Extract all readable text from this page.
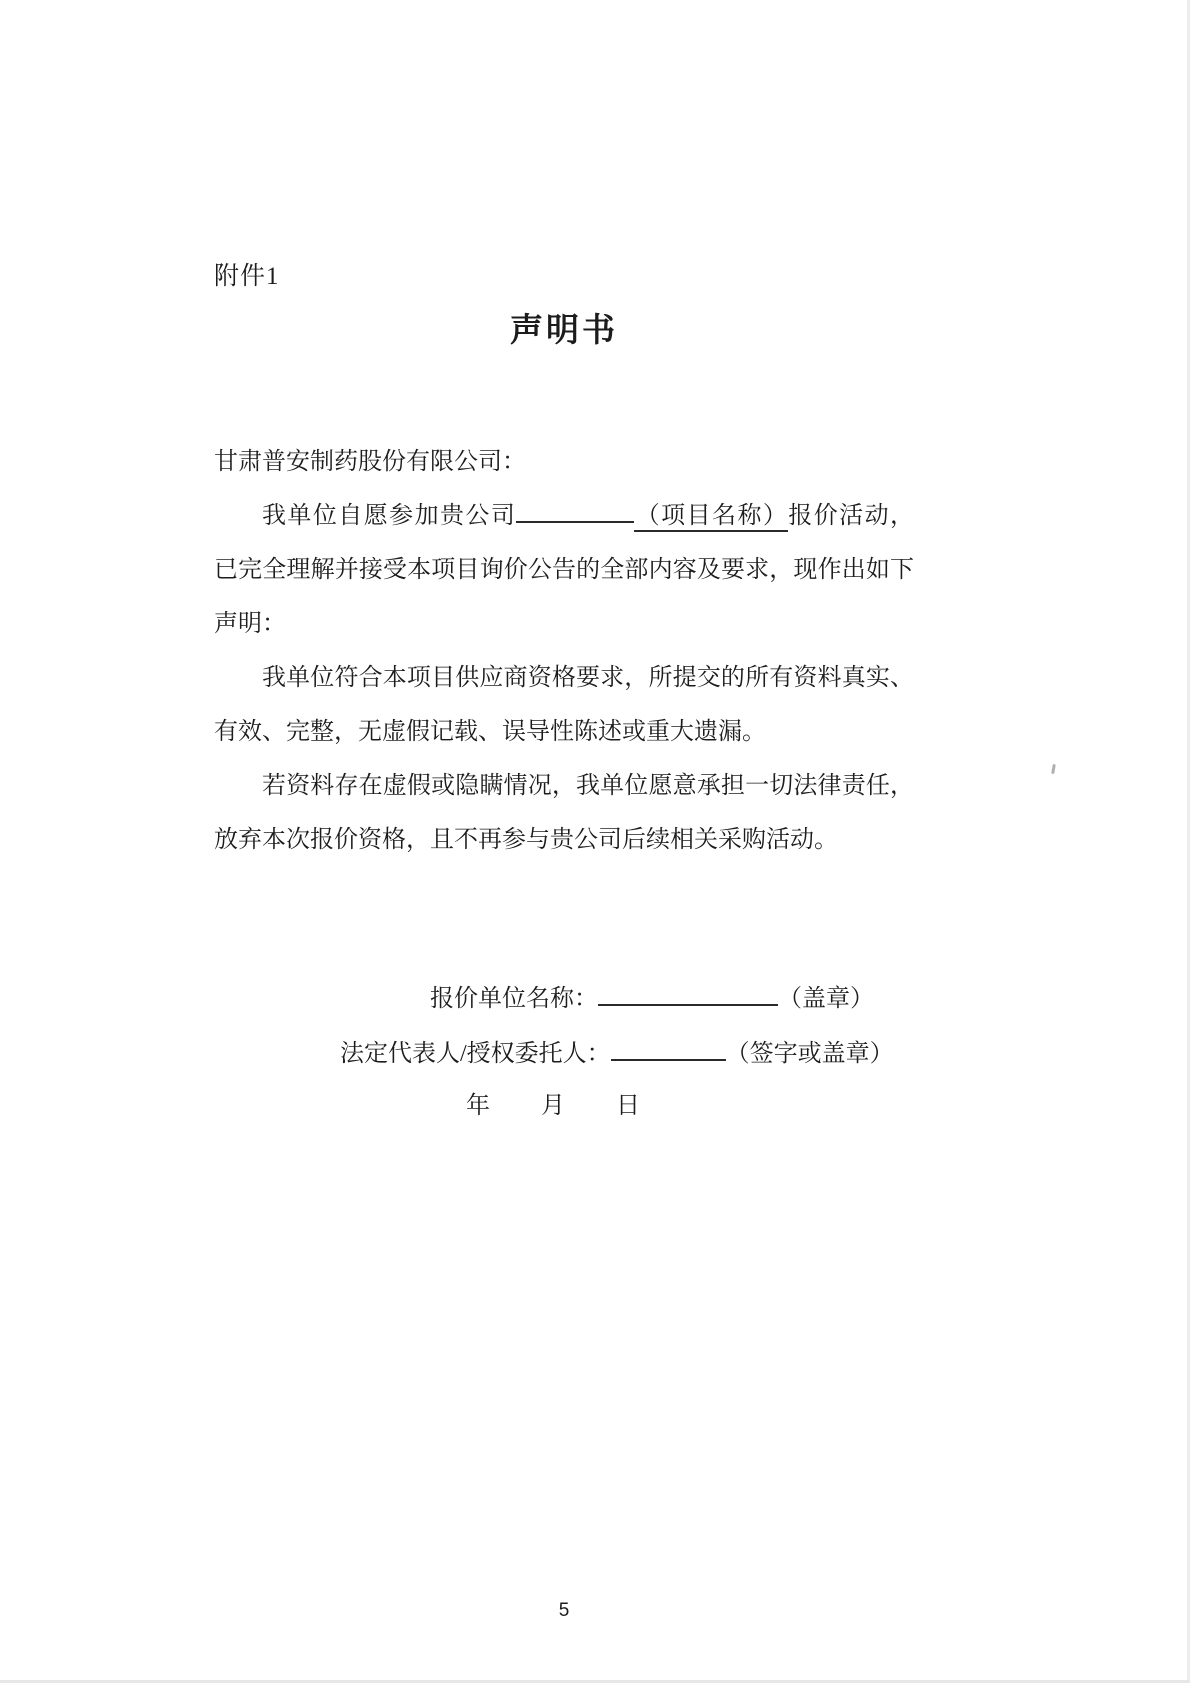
附件1
声明书
甘肃普安制药股份有限公司：
我单位自愿参加贵公司	（项目名称）报价活动，
已完全理解并接受本项目询价公告的全部内容及要求，现作出如下
声明：
我单位符合本项目供应商资格要求，所提交的所有资料真实、
有效、完整，无虚假记载、误导性陈述或重大遗漏。
若资料存在虚假或隐瞒情况，我单位愿意承担一切法律责任，
放弃本次报价资格，且不再参与贵公司后续相关采购活动。
报价单位名称：	（盖章）
法定代表人/授权委托人：	（签字或盖章）
年　　月　　日
5
